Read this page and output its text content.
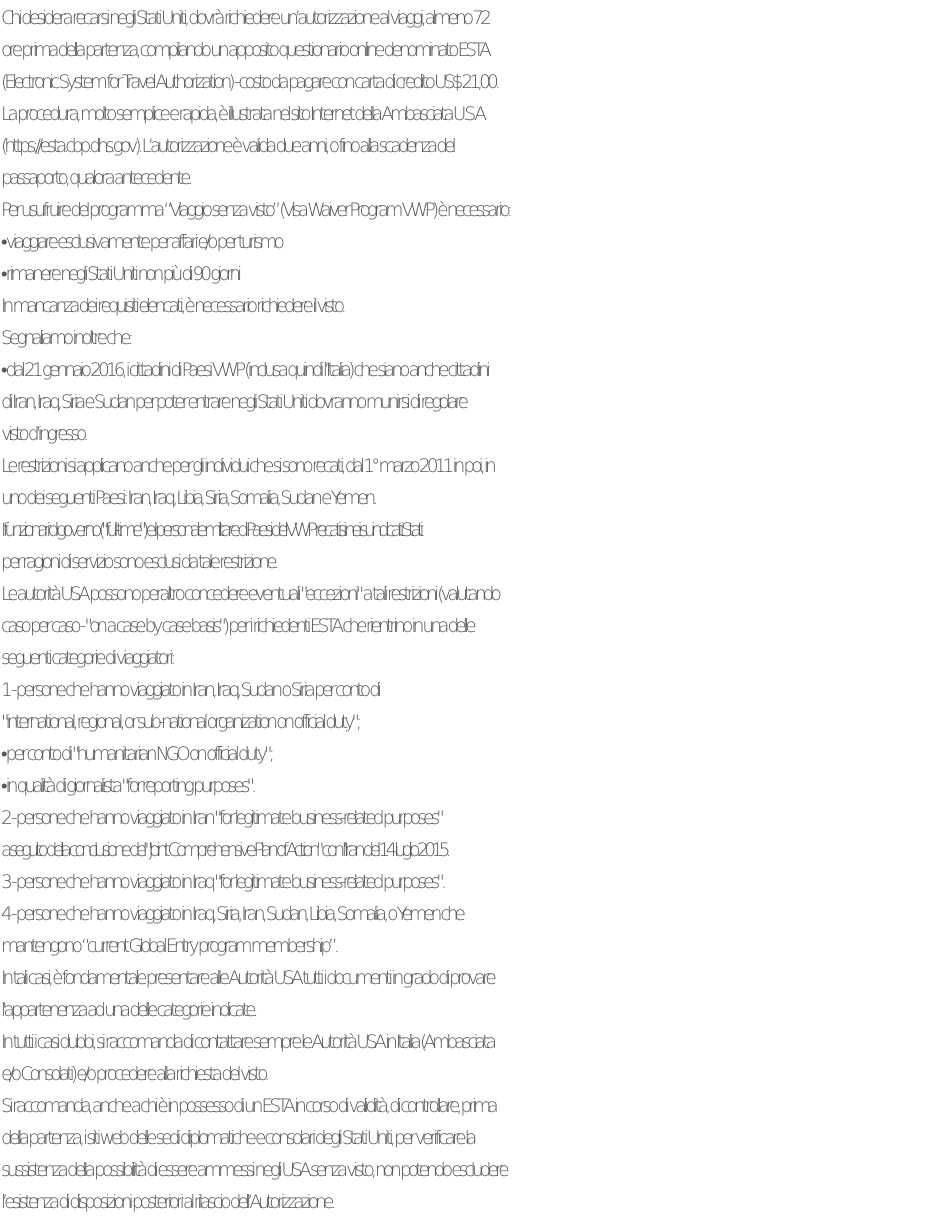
Chi desidera recarsi negli Stati Uniti, dovrà richiedere un’autorizzazione al viaggi, almeno 72
ore prima della partenza, compilando un apposito questionario online denominato ESTA
(Electronic System for Travel Authorization) - costo da pagare con carta di credito US$ 21,00.
La procedura, molto semplice e rapida, è illustrata nel sito Internet della Ambasciata U.S.A.
(https://esta.cbp.dhs.gov). L’autorizzazione è valida due anni, o fino alla scadenza del
passaporto, qualora antecedente.
Per usufruire del programma “Viaggio senza visto” (Visa Waiver Program VWP) è necessario:
• viaggiare esclusivamente per affari e/o per turismo
• rimanere negli Stati Uniti non più di 90 giorni
In mancanza dei requisiti elencati, è necessario richiedere il visto.
Segnaliamo inoltre che:
• dal 21 gennaio 2016, i cittadini di Paesi VWP (inclusa quindi l’Italia) che siano anche cittadini
di Iran, Iraq, Siria e Sudan per poter entrare negli Stati Uniti dovranno munirsi di regolare
visto d’ingresso.
Le restrizioni si applicano anche per gli individui che si sono recati, dal 1° marzo 2011 in poi, in
uno dei seguenti Paesi: Iran, Iraq, Libia, Siria, Somalia, Sudan e Yemen.
I funzionari di governo ("full-time") e il personale militare di Paesi del VWP recatisi nei suindicati Stati
per ragioni di servizio sono esclusi da tale restrizione.
Le autorità USA possono peraltro concedere eventuali "eccezioni" a tali restrizioni (valutando
caso per caso - "on a case by case basis") per i richiedenti ESTA che rientrino in una delle
seguenti categorie di viaggiatori:
1 - persone che hanno viaggiato in Iran, Iraq, Sudan o Siria per conto di
"international, regional, or sub-national organization on official duty";
• per conto di "humanitarian NGO on official duty";
• in qualità di giornalista "for reporting purposes".
2 - persone che hanno viaggiato in Iran "for legitimate business-related purposes"
a seguito della conclusione del "Joint Comprehensive Plan of Action" con l’Iran del 14 luglio 2015.
3 - persone che hanno viaggiato in Iraq "for legitimate business-related purposes".
4 - persone che hanno viaggiato in Iraq, Siria, Iran, Sudan, Libia, Somalia, o Yemen che
mantengono “current Global Entry program membership”.
In tali casi, è fondamentale presentare alle Autorità USA tutti i documenti in grado di provare
l'appartenenza ad una delle categorie indicate.
In tutti i casi dubbi, si raccomanda di contattare sempre le Autorità USA in Italia (Ambasciata
e/o Consolati) e/o procedere alla richiesta del visto.
Si raccomanda, anche a chi è in possesso di un ESTA in corso di validità, di controllare, prima
della partenza, i siti web delle sedi diplomatiche e consolari degli Stati Uniti, per verificare la
sussistenza della possibilità di essere ammessi negli USA senza visto, non potendo escludere
l’esistenza di disposizioni posteriori al rilascio dell’Autorizzazione.
